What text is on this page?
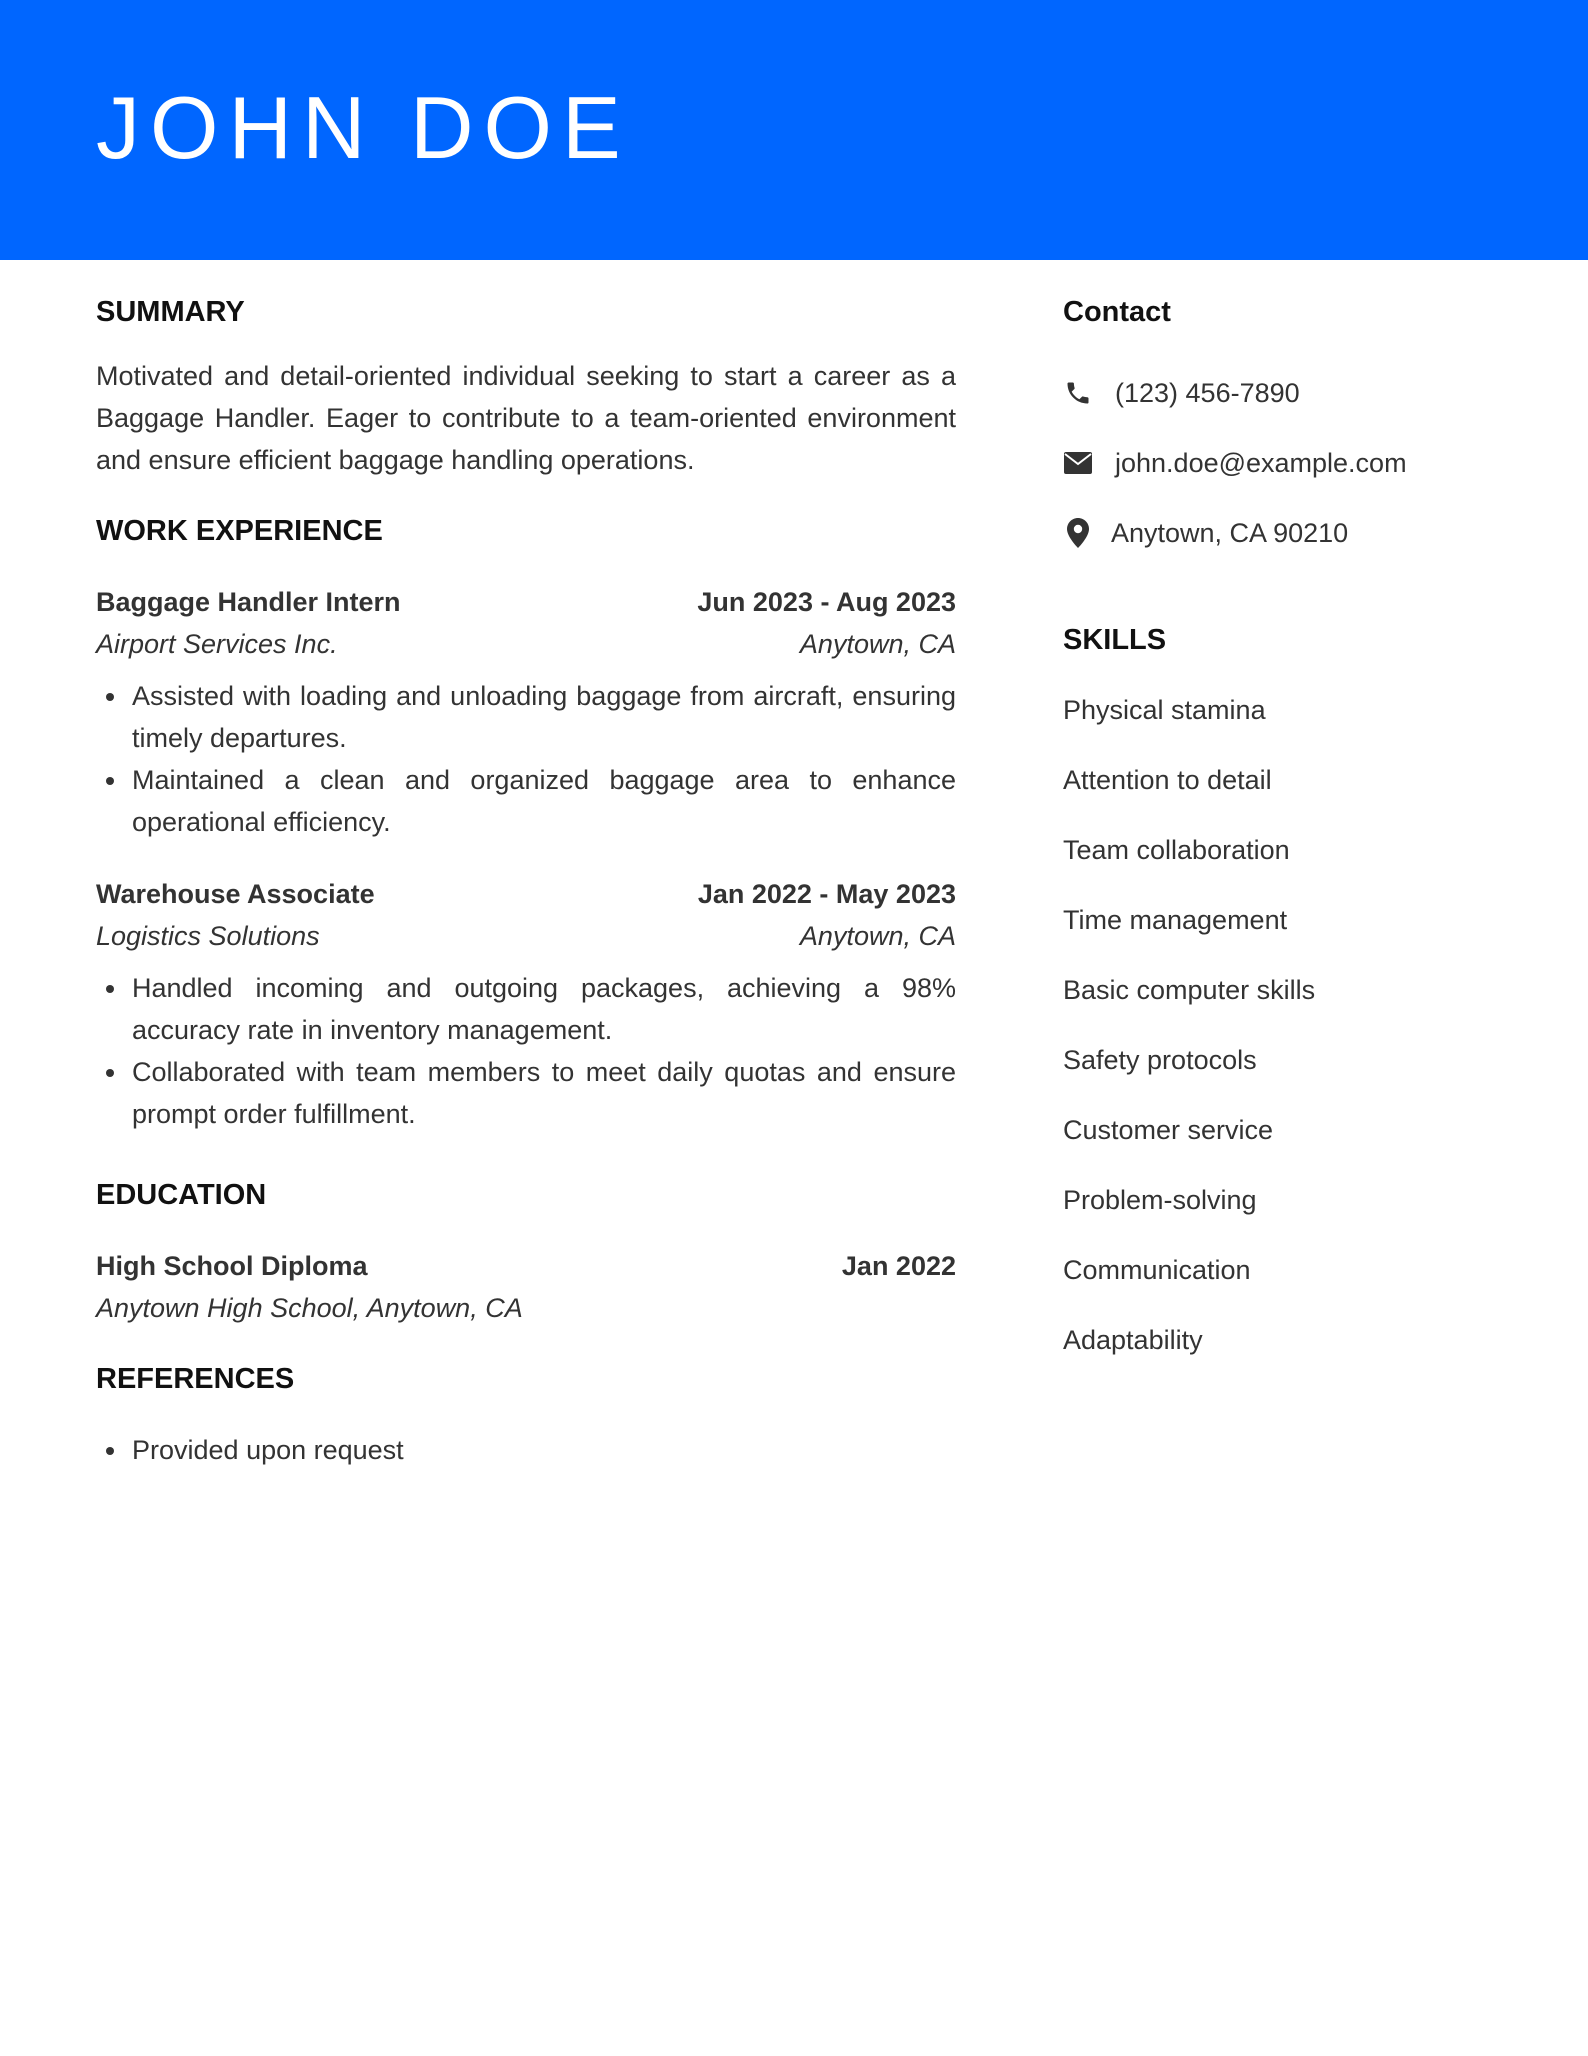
JOHN DOE
SUMMARY

Motivated and detail-oriented individual seeking to start a career as a Baggage Handler. Eager to contribute to a team-oriented environment and ensure efficient baggage handling operations.

WORK EXPERIENCE
Baggage Handler Intern	Jun 2023 - Aug 2023
Airport Services Inc.	Anytown, CA
Assisted with loading and unloading baggage from aircraft, ensuring timely departures.
Maintained a clean and organized baggage area to enhance operational efficiency.
Warehouse Associate	Jan 2022 - May 2023
Logistics Solutions	Anytown, CA
Handled incoming and outgoing packages, achieving a 98% accuracy rate in inventory management.
Collaborated with team members to meet daily quotas and ensure prompt order fulfillment.
EDUCATION
High School Diploma	Jan 2022
Anytown High School, Anytown, CA
REFERENCES
Provided upon request
Contact
(123) 456-7890
john.doe@example.com
Anytown, CA 90210
SKILLS
Physical stamina
Attention to detail
Team collaboration
Time management
Basic computer skills
Safety protocols
Customer service
Problem-solving
Communication
Adaptability
